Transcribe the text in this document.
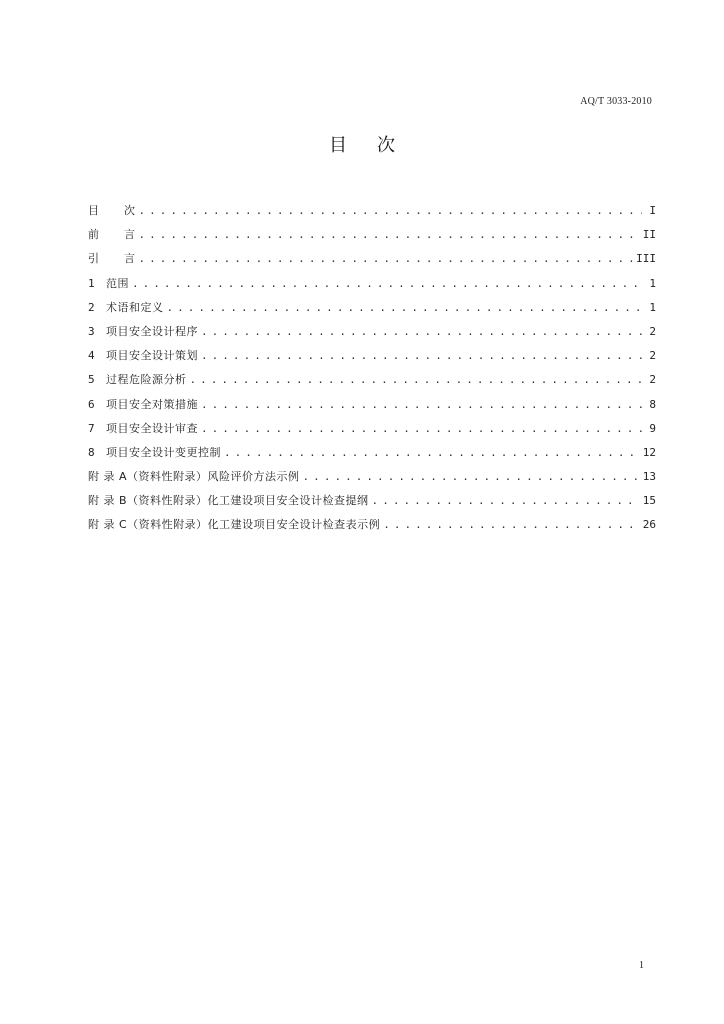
AQ/T 3033-2010
目 次
目 次 . . .	I
前 言 . . .	II
引 言 . . .	III
1	范围 . . .	1
2	术语和定义 . . .	1
3	项目安全设计程序 . . .	2
4	项目安全设计策划 . . .	2
5	过程危险源分析 . . .	2
6	项目安全对策措施 . . .	8
7	项目安全设计审查 . . .	9
8	项目安全设计变更控制 . . .	12
附 录 A（资料性附录）风险评价方法示例 . . .	13
附 录 B（资料性附录）化工建设项目安全设计检查提纲 . . .	15
附 录 C（资料性附录）化工建设项目安全设计检查表示例 . . .	26
1
